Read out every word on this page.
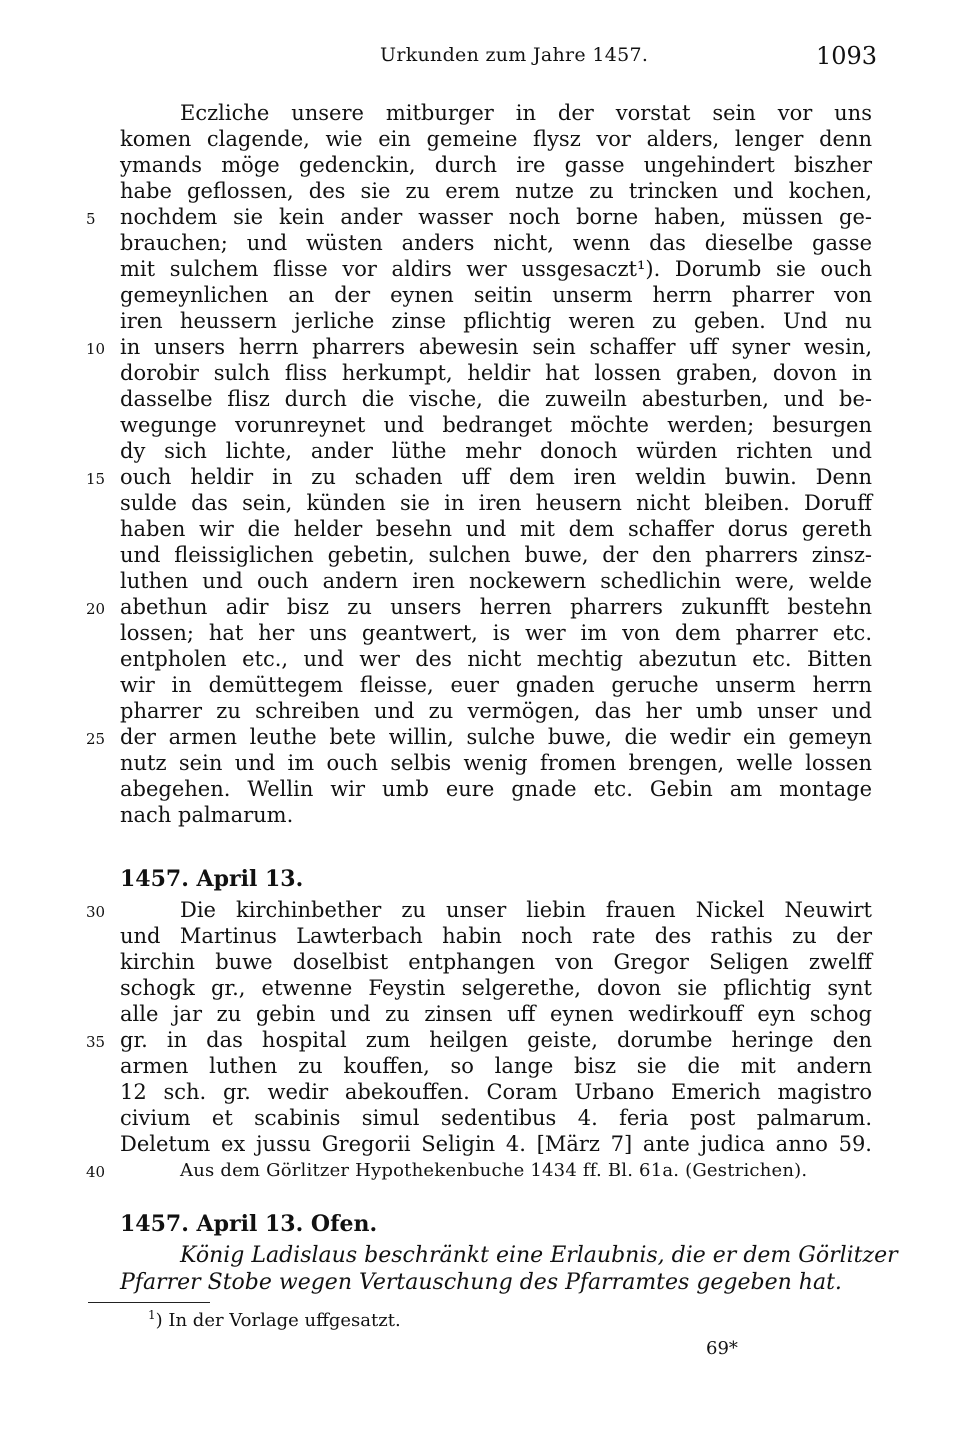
Urkunden zum Jahre 1457.	1093
Eczliche unsere mitburger in der vorstat sein vor uns
komen clagende, wie ein gemeine flysz vor alders, lenger denn
ymands möge gedenckin, durch ire gasse ungehindert biszher
habe geflossen, des sie zu erem nutze zu trincken und kochen,
nochdem sie kein ander wasser noch borne haben, müssen ge-
brauchen; und wüsten anders nicht, wenn das dieselbe gasse
mit sulchem flisse vor aldirs wer ussgesaczt¹). Dorumb sie ouch
gemeynlichen an der eynen seitin unserm herrn pharrer von
iren heussern jerliche zinse pflichtig weren zu geben. Und nu
in unsers herrn pharrers abewesin sein schaffer uff syner wesin,
dorobir sulch fliss herkumpt, heldir hat lossen graben, dovon in
dasselbe flisz durch die vische, die zuweiln abesturben, und be-
wegunge vorunreynet und bedranget möchte werden; besurgen
dy sich lichte, ander lüthe mehr donoch würden richten und
ouch heldir in zu schaden uff dem iren weldin buwin. Denn
sulde das sein, künden sie in iren heusern nicht bleiben. Doruff
haben wir die helder besehn und mit dem schaffer dorus gereth
und fleissiglichen gebetin, sulchen buwe, der den pharrers zinsz-
luthen und ouch andern iren nockewern schedlichin were, welde
abethun adir bisz zu unsers herren pharrers zukunfft bestehn
lossen; hat her uns geantwert, is wer im von dem pharrer etc.
entpholen etc., und wer des nicht mechtig abezutun etc. Bitten
wir in demüttegem fleisse, euer gnaden geruche unserm herrn
pharrer zu schreiben und zu vermögen, das her umb unser und
der armen leuthe bete willin, sulche buwe, die wedir ein gemeyn
nutz sein und im ouch selbis wenig fromen brengen, welle lossen
abegehen. Wellin wir umb eure gnade etc. Gebin am montage
nach palmarum.
5
10
15
20
25
30
35
40
1457. April 13.
Die kirchinbether zu unser liebin frauen Nickel Neuwirt
und Martinus Lawterbach habin noch rate des rathis zu der
kirchin buwe doselbist entphangen von Gregor Seligen zwelff
schogk gr., etwenne Feystin selgerethe, dovon sie pflichtig synt
alle jar zu gebin und zu zinsen uff eynen wedirkouff eyn schog
gr. in das hospital zum heilgen geiste, dorumbe heringe den
armen luthen zu kouffen, so lange bisz sie die mit andern
12 sch. gr. wedir abekouffen. Coram Urbano Emerich magistro
civium et scabinis simul sedentibus 4. feria post palmarum.
Deletum ex jussu Gregorii Seligin 4. [März 7] ante judica anno 59.
Aus dem Görlitzer Hypothekenbuche 1434 ff. Bl. 61a. (Gestrichen).
1457. April 13. Ofen.
König Ladislaus beschränkt eine Erlaubnis, die er dem Görlitzer
Pfarrer Stobe wegen Vertauschung des Pfarramtes gegeben hat.
$^1$) In der Vorlage uffgesatzt.
69*
